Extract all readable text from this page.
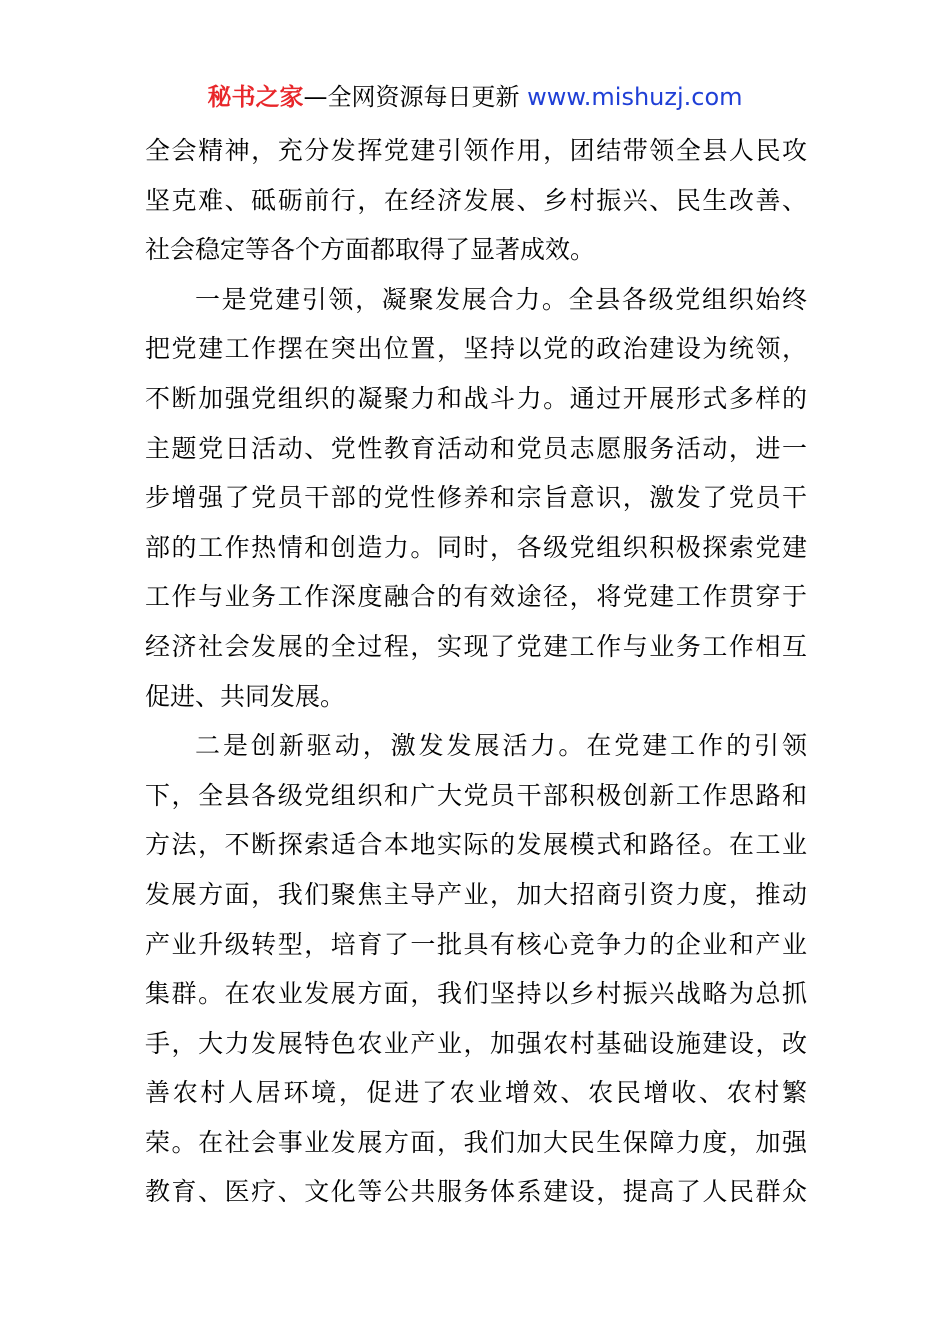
秘书之家—全网资源每日更新 www.mishuzj.com
全会精神，充分发挥党建引领作用，团结带领全县人民攻
坚克难、砥砺前行，在经济发展、乡村振兴、民生改善、
社会稳定等各个方面都取得了显著成效。
一是党建引领，凝聚发展合力。全县各级党组织始终
把党建工作摆在突出位置，坚持以党的政治建设为统领，
不断加强党组织的凝聚力和战斗力。通过开展形式多样的
主题党日活动、党性教育活动和党员志愿服务活动，进一
步增强了党员干部的党性修养和宗旨意识，激发了党员干
部的工作热情和创造力。同时，各级党组织积极探索党建
工作与业务工作深度融合的有效途径，将党建工作贯穿于
经济社会发展的全过程，实现了党建工作与业务工作相互
促进、共同发展。
二是创新驱动，激发发展活力。在党建工作的引领
下，全县各级党组织和广大党员干部积极创新工作思路和
方法，不断探索适合本地实际的发展模式和路径。在工业
发展方面，我们聚焦主导产业，加大招商引资力度，推动
产业升级转型，培育了一批具有核心竞争力的企业和产业
集群。在农业发展方面，我们坚持以乡村振兴战略为总抓
手，大力发展特色农业产业，加强农村基础设施建设，改
善农村人居环境，促进了农业增效、农民增收、农村繁
荣。在社会事业发展方面，我们加大民生保障力度，加强
教育、医疗、文化等公共服务体系建设，提高了人民群众
